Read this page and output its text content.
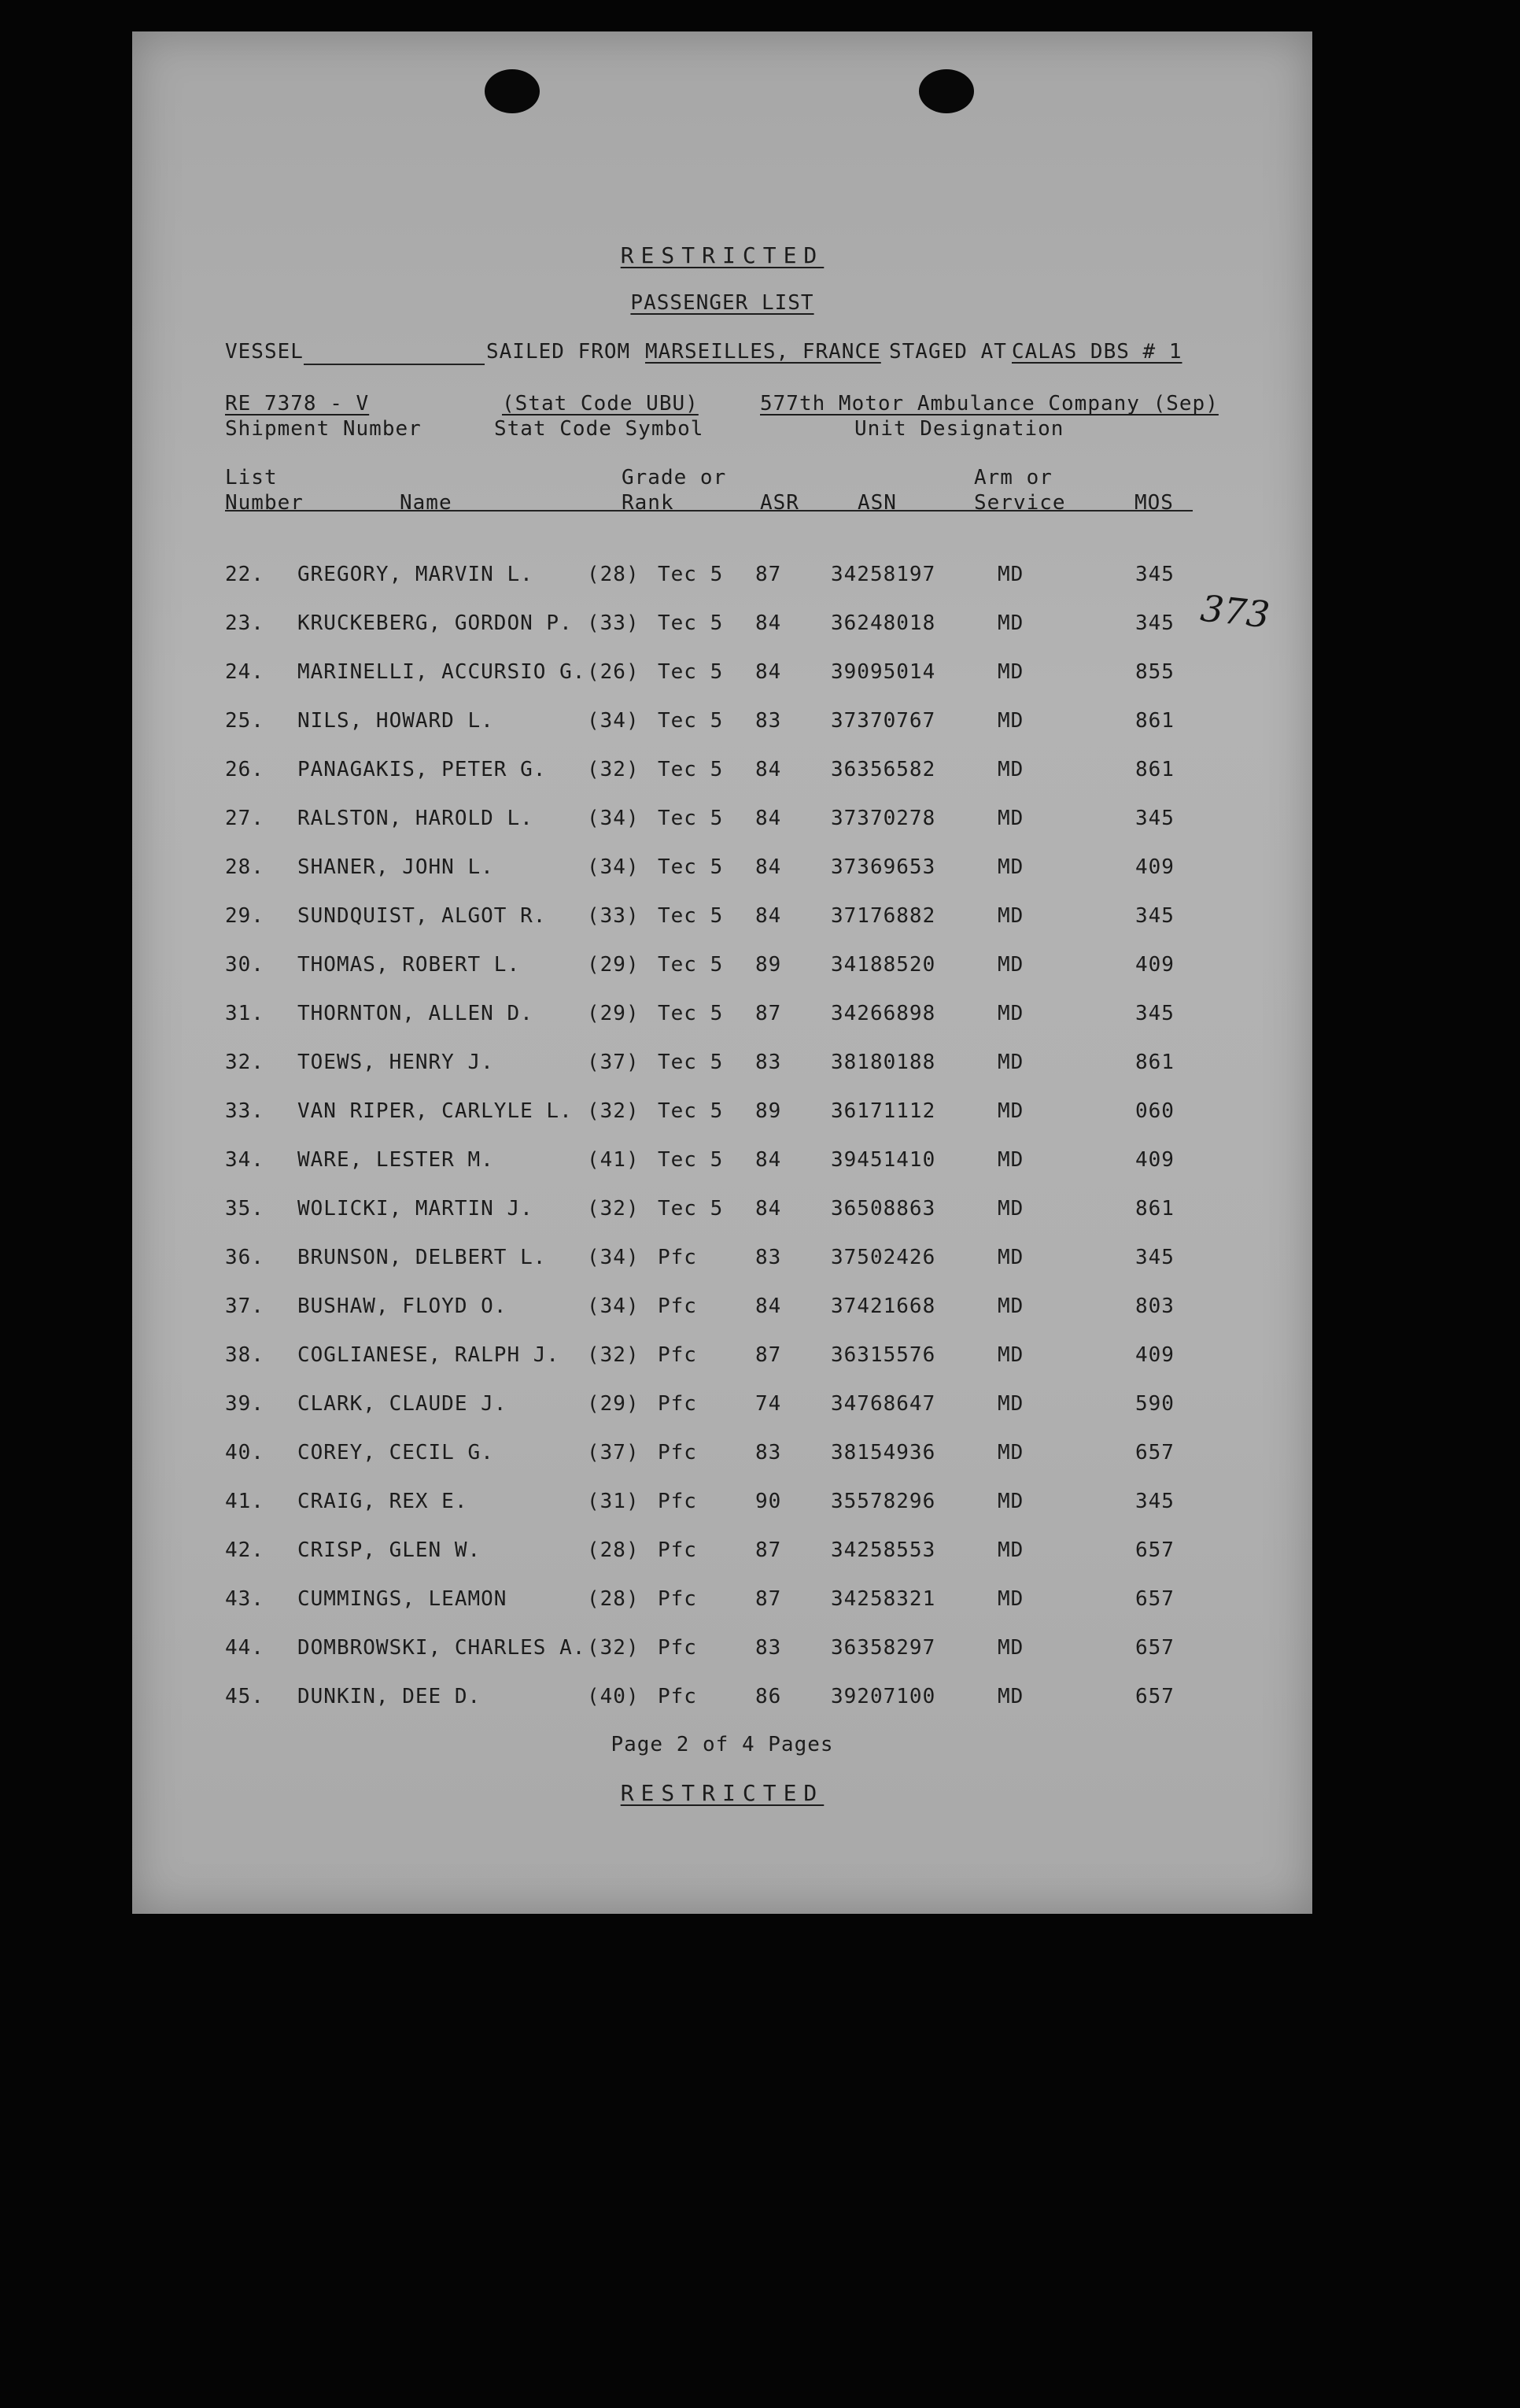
RESTRICTED
PASSENGER LIST
VESSEL	SAILED FROM MARSEILLES, FRANCE STAGED AT CALAS DBS # 1
RE 7378 - V
Shipment Number
(Stat Code UBU)
Stat Code Symbol
577th Motor Ambulance Company (Sep)
Unit Designation
List
Number	Name
Grade or
Rank	ASR	ASN
Arm or
Service	MOS
373
22. GREGORY, MARVIN L.	(28) Tec 5 87 34258197	MD	345
23. KRUCKEBERG, GORDON P. (33) Tec 5 84 36248018	MD	345
24. MARINELLI, ACCURSIO G. (26) Tec 5 84 39095014	MD	855
25. NILS, HOWARD L.	(34) Tec 5 83 37370767	MD	861
26. PANAGAKIS, PETER G. (32) Tec 5 84 36356582	MD	861
27. RALSTON, HAROLD L.	(34) Tec 5 84 37370278	MD	345
28. SHANER, JOHN L.	(34) Tec 5 84 37369653	MD	409
29. SUNDQUIST, ALGOT R. (33) Tec 5 84 37176882	MD	345
30. THOMAS, ROBERT L.	(29) Tec 5 89 34188520	MD	409
31. THORNTON, ALLEN D.	(29) Tec 5 87 34266898	MD	345
32. TOEWS, HENRY J.	(37) Tec 5 83 38180188	MD	861
33. VAN RIPER, CARLYLE L. (32) Tec 5 89 36171112	MD	060
34. WARE, LESTER M.	(41) Tec 5 84 39451410	MD	409
35. WOLICKI, MARTIN J.	(32) Tec 5 84 36508863	MD	861
36. BRUNSON, DELBERT L. (34) Pfc	83 37502426	MD	345
37. BUSHAW, FLOYD O.	(34) Pfc	84 37421668	MD	803
38. COGLIANESE, RALPH J. (32) Pfc	87 36315576	MD	409
39. CLARK, CLAUDE J.	(29) Pfc	74 34768647	MD	590
40. COREY, CECIL G.	(37) Pfc	83 38154936	MD	657
41. CRAIG, REX E.	(31) Pfc	90 35578296	MD	345
42. CRISP, GLEN W.	(28) Pfc	87 34258553	MD	657
43. CUMMINGS, LEAMON	(28) Pfc	87 34258321	MD	657
44. DOMBROWSKI, CHARLES A. (32) Pfc	83 36358297	MD	657
45. DUNKIN, DEE D.	(40) Pfc	86 39207100	MD	657
Page 2 of 4 Pages
RESTRICTED
